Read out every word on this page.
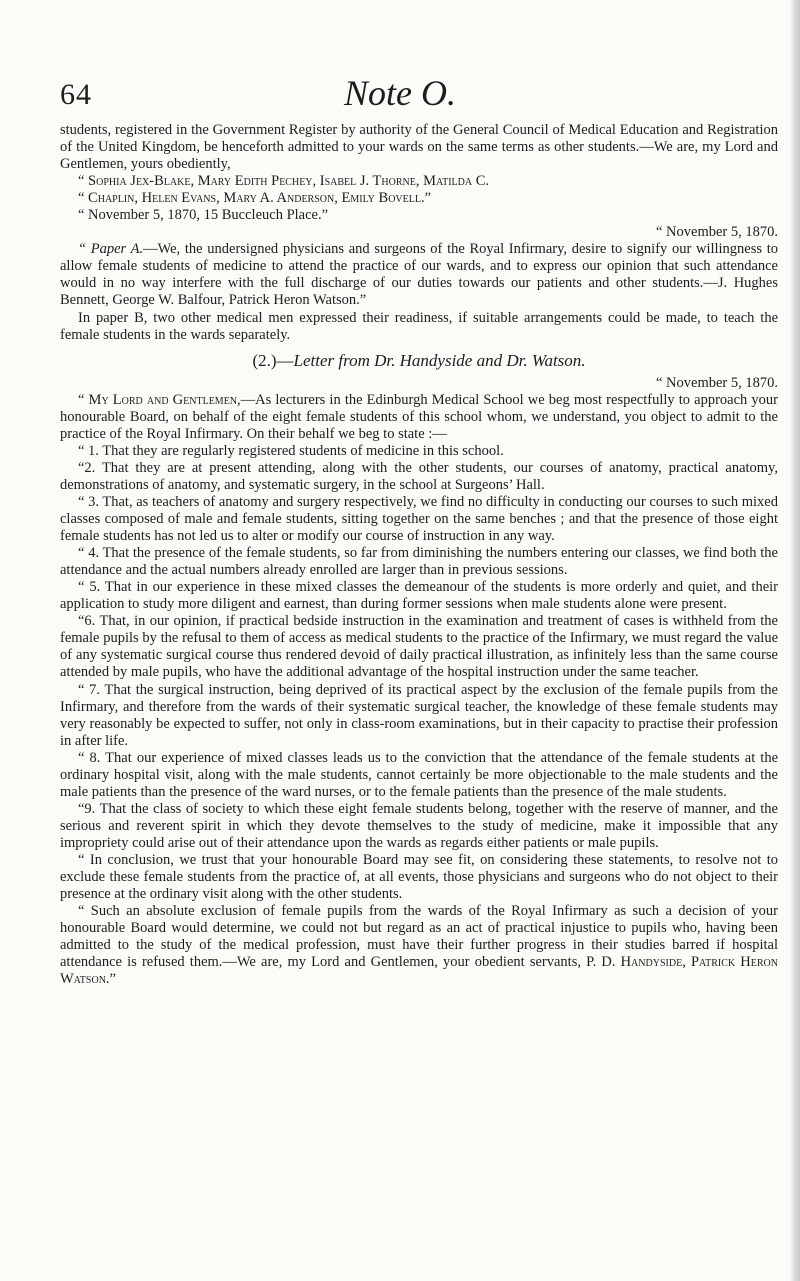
64	Note O.

students, registered in the Government Register by authority of the General Council of Medical Education and Registration of the United Kingdom, be henceforth admitted to your wards on the same terms as other students.—We are, my Lord and Gentlemen, yours obediently,

“ Sophia Jex-Blake, Mary Edith Pechey, Isabel J. Thorne, Matilda C.

“ Chaplin, Helen Evans, Mary A. Anderson, Emily Bovell.”

“ November 5, 1870, 15 Buccleuch Place.”

“ November 5, 1870.

“ Paper A.—We, the undersigned physicians and surgeons of the Royal Infirmary, desire to signify our willingness to allow female students of medicine to attend the practice of our wards, and to express our opinion that such attendance would in no way interfere with the full discharge of our duties towards our patients and other students.—J. Hughes Bennett, George W. Balfour, Patrick Heron Watson.”

In paper B, two other medical men expressed their readiness, if suitable arrangements could be made, to teach the female students in the wards separately.

(2.)—Letter from Dr. Handyside and Dr. Watson.

“ November 5, 1870.

“ My Lord and Gentlemen,—As lecturers in the Edinburgh Medical School we beg most respectfully to approach your honourable Board, on behalf of the eight female students of this school whom, we understand, you object to admit to the practice of the Royal Infirmary. On their behalf we beg to state :—

“ 1. That they are regularly registered students of medicine in this school.

“2. That they are at present attending, along with the other students, our courses of anatomy, practical anatomy, demonstrations of anatomy, and systematic surgery, in the school at Surgeons’ Hall.

“ 3. That, as teachers of anatomy and surgery respectively, we find no difficulty in conducting our courses to such mixed classes composed of male and female students, sitting together on the same benches ; and that the presence of those eight female students has not led us to alter or modify our course of instruction in any way.

“ 4. That the presence of the female students, so far from diminishing the numbers entering our classes, we find both the attendance and the actual numbers already enrolled are larger than in previous sessions.

“ 5. That in our experience in these mixed classes the demeanour of the students is more orderly and quiet, and their application to study more diligent and earnest, than during former sessions when male students alone were present.

“6. That, in our opinion, if practical bedside instruction in the examination and treatment of cases is withheld from the female pupils by the refusal to them of access as medical students to the practice of the Infirmary, we must regard the value of any systematic surgical course thus rendered devoid of daily practical illustration, as infinitely less than the same course attended by male pupils, who have the additional advantage of the hospital instruction under the same teacher.

“ 7. That the surgical instruction, being deprived of its practical aspect by the exclusion of the female pupils from the Infirmary, and therefore from the wards of their systematic surgical teacher, the knowledge of these female students may very reasonably be expected to suffer, not only in class-room examinations, but in their capacity to practise their profession in after life.

“ 8. That our experience of mixed classes leads us to the conviction that the attendance of the female students at the ordinary hospital visit, along with the male students, cannot certainly be more objectionable to the male students and the male patients than the presence of the ward nurses, or to the female patients than the presence of the male students.

“9. That the class of society to which these eight female students belong, together with the reserve of manner, and the serious and reverent spirit in which they devote themselves to the study of medicine, make it impossible that any impropriety could arise out of their attendance upon the wards as regards either patients or male pupils.

“ In conclusion, we trust that your honourable Board may see fit, on considering these statements, to resolve not to exclude these female students from the practice of, at all events, those physicians and surgeons who do not object to their presence at the ordinary visit along with the other students.

“ Such an absolute exclusion of female pupils from the wards of the Royal Infirmary as such a decision of your honourable Board would determine, we could not but regard as an act of practical injustice to pupils who, having been admitted to the study of the medical profession, must have their further progress in their studies barred if hospital attendance is refused them.—We are, my Lord and Gentlemen, your obedient servants, P. D. Handyside, Patrick Heron Watson.”
